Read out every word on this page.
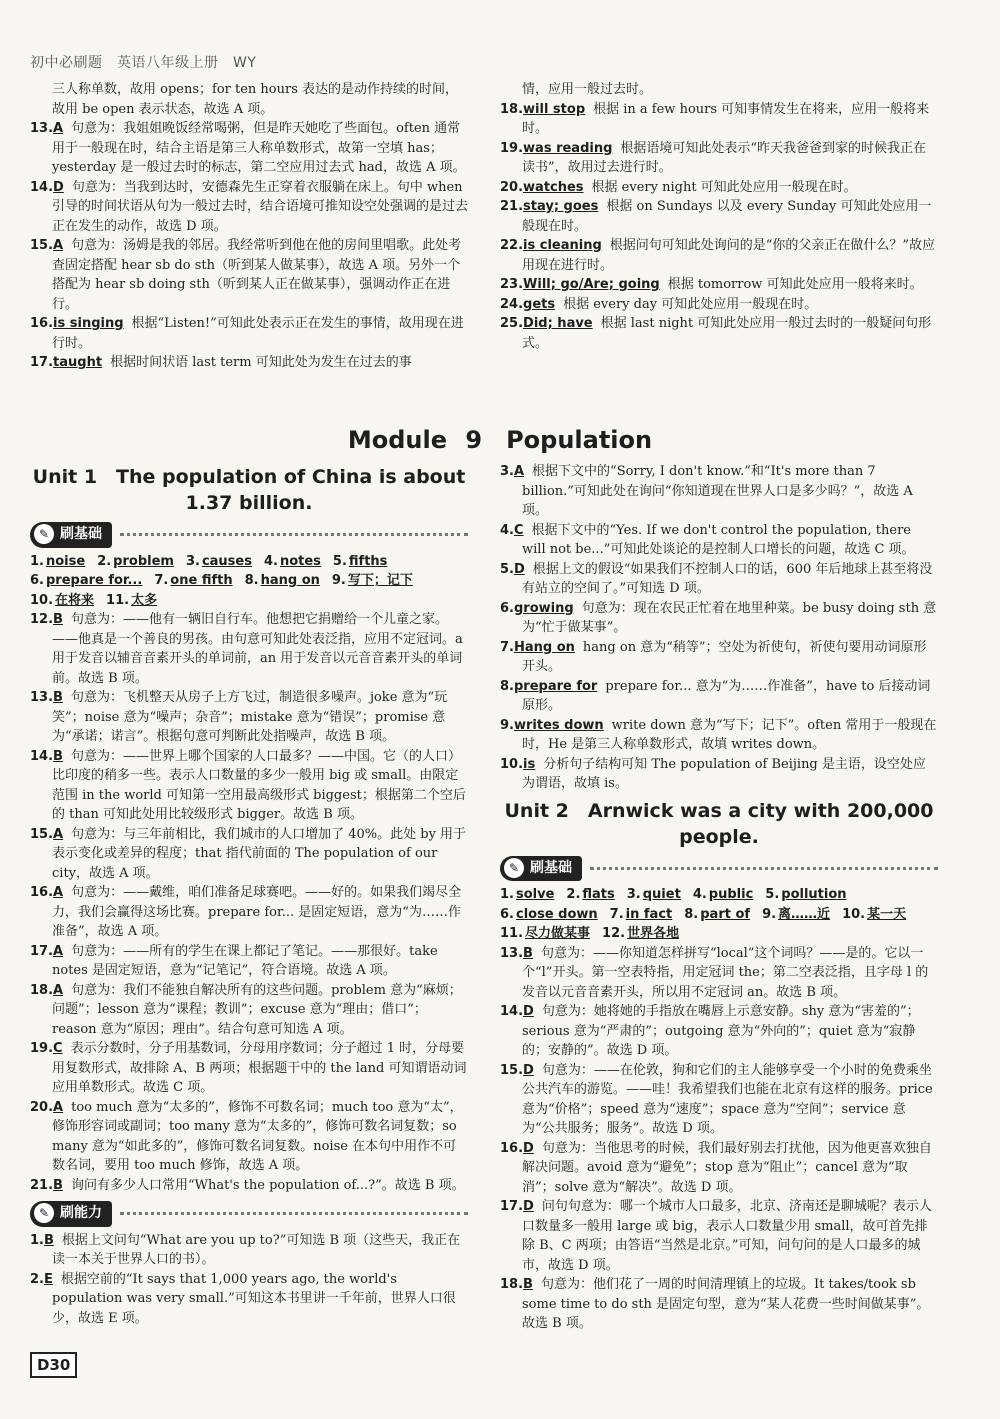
初中必刷题　英语八年级上册　WY
三人称单数，故用 opens；for ten hours 表达的是动作持续的时间，故用 be open 表示状态，故选 A 项。
13.A 句意为：我姐姐晚饭经常喝粥，但是昨天她吃了些面包。often 通常用于一般现在时，结合主语是第三人称单数形式，故第一空填 has；yesterday 是一般过去时的标志，第二空应用过去式 had，故选 A 项。
14.D 句意为：当我到达时，安德森先生正穿着衣服躺在床上。句中 when 引导的时间状语从句为一般过去时，结合语境可推知设空处强调的是过去正在发生的动作，故选 D 项。
15.A 句意为：汤姆是我的邻居。我经常听到他在他的房间里唱歌。此处考查固定搭配 hear sb do sth（听到某人做某事），故选 A 项。另外一个搭配为 hear sb doing sth（听到某人正在做某事），强调动作正在进行。
16.is singing 根据“Listen!”可知此处表示正在发生的事情，故用现在进行时。
17.taught 根据时间状语 last term 可知此处为发生在过去的事
情，应用一般过去时。
18.will stop 根据 in a few hours 可知事情发生在将来，应用一般将来时。
19.was reading 根据语境可知此处表示“昨天我爸爸到家的时候我正在读书”，故用过去进行时。
20.watches 根据 every night 可知此处应用一般现在时。
21.stay; goes 根据 on Sundays 以及 every Sunday 可知此处应用一般现在时。
22.is cleaning 根据问句可知此处询问的是“你的父亲正在做什么？”故应用现在进行时。
23.Will; go/Are; going 根据 tomorrow 可知此处应用一般将来时。
24.gets 根据 every day 可知此处应用一般现在时。
25.Did; have 根据 last night 可知此处应用一般过去时的一般疑问句形式。
Module 9　Population
Unit 1　The population of China is about 1.37 billion.
✎ 刷基础
1. noise 2. problem 3. causes 4. notes 5. fifths
6. prepare for... 7. one fifth 8. hang on 9. 写下；记下
10. 在将来 11. 太多
12.B 句意为：——他有一辆旧自行车。他想把它捐赠给一个儿童之家。——他真是一个善良的男孩。由句意可知此处表泛指，应用不定冠词。a 用于发音以辅音音素开头的单词前，an 用于发音以元音音素开头的单词前。故选 B 项。
13.B 句意为：飞机整天从房子上方飞过，制造很多噪声。joke 意为“玩笑”；noise 意为“噪声；杂音”；mistake 意为“错误”；promise 意为“承诺；诺言”。根据句意可判断此处指噪声，故选 B 项。
14.B 句意为：——世界上哪个国家的人口最多？——中国。它（的人口）比印度的稍多一些。表示人口数量的多少一般用 big 或 small。由限定范围 in the world 可知第一空用最高级形式 biggest；根据第二个空后的 than 可知此处用比较级形式 bigger。故选 B 项。
15.A 句意为：与三年前相比，我们城市的人口增加了 40%。此处 by 用于表示变化或差异的程度；that 指代前面的 The population of our city，故选 A 项。
16.A 句意为：——戴维，咱们准备足球赛吧。——好的。如果我们竭尽全力，我们会赢得这场比赛。prepare for... 是固定短语，意为“为……作准备”，故选 A 项。
17.A 句意为：——所有的学生在课上都记了笔记。——那很好。take notes 是固定短语，意为“记笔记”，符合语境。故选 A 项。
18.A 句意为：我们不能独自解决所有的这些问题。problem 意为“麻烦；问题”；lesson 意为“课程；教训”；excuse 意为“理由；借口”；reason 意为“原因；理由”。结合句意可知选 A 项。
19.C 表示分数时，分子用基数词，分母用序数词；分子超过 1 时，分母要用复数形式，故排除 A、B 两项；根据题干中的 the land 可知谓语动词应用单数形式。故选 C 项。
20.A too much 意为“太多的”，修饰不可数名词；much too 意为“太”，修饰形容词或副词；too many 意为“太多的”，修饰可数名词复数；so many 意为“如此多的”，修饰可数名词复数。noise 在本句中用作不可数名词，要用 too much 修饰，故选 A 项。
21.B 询问有多少人口常用“What's the population of...?”。故选 B 项。
✎ 刷能力
1.B 根据上文问句“What are you up to?”可知选 B 项（这些天，我正在读一本关于世界人口的书）。
2.E 根据空前的“It says that 1,000 years ago, the world's population was very small.”可知这本书里讲一千年前，世界人口很少，故选 E 项。
3.A 根据下文中的“Sorry, I don't know.”和“It's more than 7 billion.”可知此处在询问“你知道现在世界人口是多少吗？”，故选 A 项。
4.C 根据下文中的“Yes. If we don't control the population, there will not be...”可知此处谈论的是控制人口增长的问题，故选 C 项。
5.D 根据上文的假设“如果我们不控制人口的话，600 年后地球上甚至将没有站立的空间了。”可知选 D 项。
6.growing 句意为：现在农民正忙着在地里种菜。be busy doing sth 意为“忙于做某事”。
7.Hang on hang on 意为“稍等”；空处为祈使句，祈使句要用动词原形开头。
8.prepare for prepare for... 意为“为……作准备”，have to 后接动词原形。
9.writes down write down 意为“写下；记下”。often 常用于一般现在时，He 是第三人称单数形式，故填 writes down。
10.is 分析句子结构可知 The population of Beijing 是主语，设空处应为谓语，故填 is。
Unit 2　Arnwick was a city with 200,000 people.
✎ 刷基础
1. solve 2. flats 3. quiet 4. public 5. pollution
6. close down 7. in fact 8. part of 9. 离……近 10. 某一天
11. 尽力做某事 12. 世界各地
13.B 句意为：——你知道怎样拼写“local”这个词吗？——是的。它以一个“l”开头。第一空表特指，用定冠词 the；第二空表泛指，且字母 l 的发音以元音音素开头，所以用不定冠词 an。故选 B 项。
14.D 句意为：她将她的手指放在嘴唇上示意安静。shy 意为“害羞的”；serious 意为“严肃的”；outgoing 意为“外向的”；quiet 意为“寂静的；安静的”。故选 D 项。
15.D 句意为：——在伦敦，狗和它们的主人能够享受一个小时的免费乘坐公共汽车的游览。——哇！我希望我们也能在北京有这样的服务。price 意为“价格”；speed 意为“速度”；space 意为“空间”；service 意为“公共服务；服务”。故选 D 项。
16.D 句意为：当他思考的时候，我们最好别去打扰他，因为他更喜欢独自解决问题。avoid 意为“避免”；stop 意为“阻止”；cancel 意为“取消”；solve 意为“解决”。故选 D 项。
17.D 问句句意为：哪一个城市人口最多，北京、济南还是聊城呢？表示人口数量多一般用 large 或 big，表示人口数量少用 small，故可首先排除 B、C 两项；由答语“当然是北京。”可知，问句问的是人口最多的城市，故选 D 项。
18.B 句意为：他们花了一周的时间清理镇上的垃圾。It takes/took sb some time to do sth 是固定句型，意为“某人花费一些时间做某事”。故选 B 项。
D30
